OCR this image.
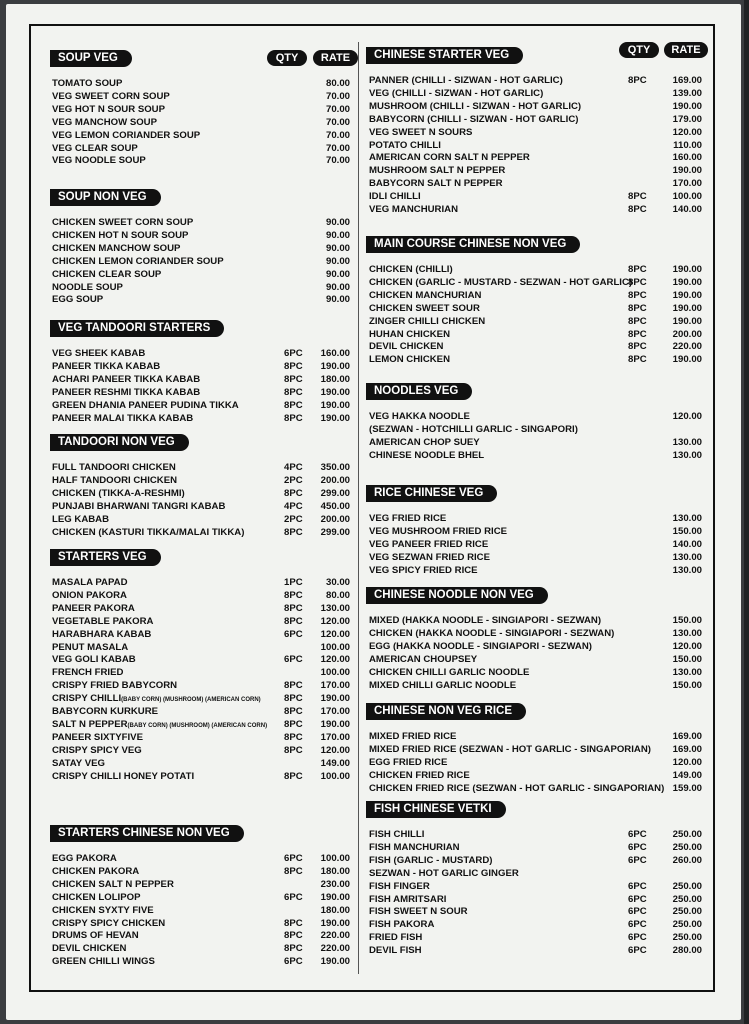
QTY	RATE
QTY	RATE
SOUP VEG
TOMATO SOUP	80.00
VEG SWEET CORN SOUP	70.00
VEG HOT N SOUR SOUP	70.00
VEG MANCHOW SOUP	70.00
VEG LEMON CORIANDER SOUP	70.00
VEG CLEAR SOUP	70.00
VEG NOODLE SOUP	70.00
SOUP NON VEG
CHICKEN SWEET CORN SOUP	90.00
CHICKEN HOT N SOUR SOUP	90.00
CHICKEN MANCHOW SOUP	90.00
CHICKEN LEMON CORIANDER SOUP	90.00
CHICKEN CLEAR SOUP	90.00
NOODLE SOUP	90.00
EGG SOUP	90.00
VEG TANDOORI STARTERS
VEG SHEEK KABAB	6PC 160.00
PANEER TIKKA KABAB	8PC 190.00
ACHARI PANEER TIKKA KABAB	8PC 180.00
PANEER RESHMI TIKKA KABAB	8PC 190.00
GREEN DHANIA PANEER PUDINA TIKKA	8PC 190.00
PANEER MALAI TIKKA KABAB	8PC 190.00
TANDOORI NON VEG
FULL TANDOORI CHICKEN	4PC 350.00
HALF TANDOORI CHICKEN	2PC 200.00
CHICKEN (TIKKA-A-RESHMI)	8PC 299.00
PUNJABI BHARWANI TANGRI KABAB	4PC 450.00
LEG KABAB	2PC 200.00
CHICKEN (KASTURI TIKKA/MALAI TIKKA)	8PC 299.00
STARTERS VEG
MASALA PAPAD	1PC 30.00
ONION PAKORA	8PC 80.00
PANEER PAKORA	8PC 130.00
VEGETABLE PAKORA	8PC 120.00
HARABHARA KABAB	6PC 120.00
PENUT MASALA	100.00
VEG GOLI KABAB	6PC 120.00
FRENCH FRIED	100.00
CRISPY FRIED BABYCORN	8PC 170.00
CRISPY CHILLI(BABY CORN) (MUSHROOM) (AMERICAN CORN) 8PC 190.00
BABYCORN KURKURE	8PC 170.00
SALT N PEPPER(BABY CORN) (MUSHROOM) (AMERICAN CORN) 8PC 190.00
PANEER SIXTYFIVE	8PC 170.00
CRISPY SPICY VEG	8PC 120.00
SATAY VEG	149.00
CRISPY CHILLI HONEY POTATI	8PC 100.00
STARTERS CHINESE NON VEG
EGG PAKORA	6PC 100.00
CHICKEN PAKORA	8PC 180.00
CHICKEN SALT N PEPPER	230.00
CHICKEN LOLIPOP	6PC 190.00
CHICKEN SYXTY FIVE	180.00
CRISPY SPICY CHICKEN	8PC 190.00
DRUMS OF HEVAN	8PC 220.00
DEVIL CHICKEN	8PC 220.00
GREEN CHILLI WINGS	6PC 190.00
CHINESE STARTER VEG
PANNER (CHILLI - SIZWAN - HOT GARLIC)	8PC	169.00
VEG (CHILLI - SIZWAN - HOT GARLIC)	139.00
MUSHROOM (CHILLI - SIZWAN - HOT GARLIC)	190.00
BABYCORN (CHILLI - SIZWAN - HOT GARLIC)	179.00
VEG SWEET N SOURS	120.00
POTATO CHILLI	110.00
AMERICAN CORN SALT N PEPPER	160.00
MUSHROOM SALT N PEPPER	190.00
BABYCORN SALT N PEPPER	170.00
IDLI CHILLI	8PC	100.00
VEG MANCHURIAN	8PC	140.00
MAIN COURSE CHINESE NON VEG
CHICKEN (CHILLI)	8PC	190.00
CHICKEN (GARLIC - MUSTARD - SEZWAN - HOT GARLIC)
8PC	190.00
CHICKEN MANCHURIAN	8PC	190.00
CHICKEN SWEET SOUR	8PC	190.00
ZINGER CHILLI CHICKEN	8PC	190.00
HUHAN CHICKEN	8PC	200.00
DEVIL CHICKEN	8PC	220.00
LEMON CHICKEN	8PC	190.00
NOODLES VEG
VEG HAKKA NOODLE	120.00
(SEZWAN - HOTCHILLI GARLIC - SINGAPORI)
AMERICAN CHOP SUEY	130.00
CHINESE NOODLE BHEL	130.00
RICE CHINESE VEG
VEG FRIED RICE	130.00
VEG MUSHROOM FRIED RICE	150.00
VEG PANEER FRIED RICE	140.00
VEG SEZWAN FRIED RICE	130.00
VEG SPICY FRIED RICE	130.00
CHINESE NOODLE NON VEG
MIXED (HAKKA NOODLE - SINGIAPORI - SEZWAN)	150.00
CHICKEN (HAKKA NOODLE - SINGIAPORI - SEZWAN)	130.00
EGG (HAKKA NOODLE - SINGIAPORI - SEZWAN)	120.00
AMERICAN CHOUPSEY	150.00
CHICKEN CHILLI GARLIC NOODLE	130.00
MIXED CHILLI GARLIC NOODLE	150.00
CHINESE NON VEG RICE
MIXED FRIED RICE	169.00
MIXED FRIED RICE (SEZWAN - HOT GARLIC - SINGAPORIAN) 169.00
EGG FRIED RICE	120.00
CHICKEN FRIED RICE	149.00
CHICKEN FRIED RICE (SEZWAN - HOT GARLIC - SINGAPORIAN) 159.00
FISH CHINESE VETKI
FISH CHILLI	6PC	250.00
FISH MANCHURIAN	6PC	250.00
FISH (GARLIC - MUSTARD)	6PC	260.00
SEZWAN - HOT GARLIC GINGER
FISH FINGER	6PC	250.00
FISH AMRITSARI	6PC	250.00
FISH SWEET N SOUR	6PC	250.00
FISH PAKORA	6PC	250.00
FRIED FISH	6PC	250.00
DEVIL FISH	6PC	280.00
